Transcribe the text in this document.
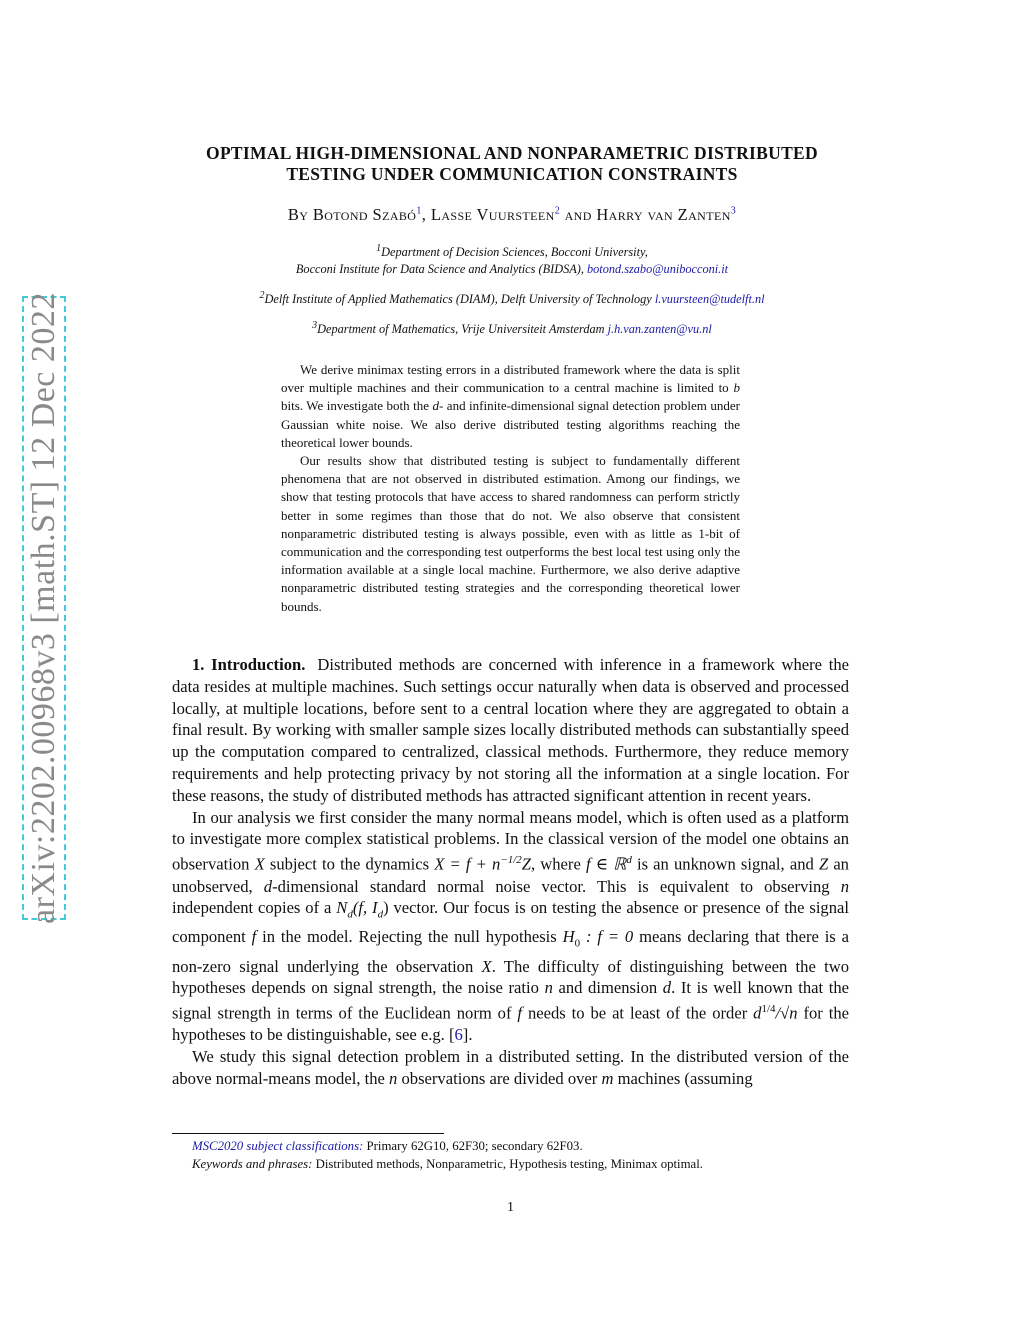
arXiv:2202.00968v3 [math.ST] 12 Dec 2022
OPTIMAL HIGH-DIMENSIONAL AND NONPARAMETRIC DISTRIBUTED
TESTING UNDER COMMUNICATION CONSTRAINTS
By Botond Szabó$^1$, Lasse Vuursteen$^2$ and Harry van Zanten$^3$
$^1$Department of Decision Sciences, Bocconi University,
Bocconi Institute for Data Science and Analytics (BIDSA), botond.szabo@unibocconi.it
$^2$Delft Institute of Applied Mathematics (DIAM), Delft University of Technology l.vuursteen@tudelft.nl
$^3$Department of Mathematics, Vrije Universiteit Amsterdam j.h.van.zanten@vu.nl

We derive minimax testing errors in a distributed framework where the data is split over multiple machines and their communication to a central machine is limited to b bits. We investigate both the d- and infinite-dimensional signal detection problem under Gaussian white noise. We also derive distributed testing algorithms reaching the theoretical lower bounds.

Our results show that distributed testing is subject to fundamentally different phenomena that are not observed in distributed estimation. Among our findings, we show that testing protocols that have access to shared randomness can perform strictly better in some regimes than those that do not. We also observe that consistent nonparametric distributed testing is always possible, even with as little as 1-bit of communication and the corresponding test outperforms the best local test using only the information available at a single local machine. Furthermore, we also derive adaptive nonparametric distributed testing strategies and the corresponding theoretical lower bounds.

1. Introduction. Distributed methods are concerned with inference in a framework where the data resides at multiple machines. Such settings occur naturally when data is observed and processed locally, at multiple locations, before sent to a central location where they are aggregated to obtain a final result. By working with smaller sample sizes locally distributed methods can substantially speed up the computation compared to centralized, classical methods. Furthermore, they reduce memory requirements and help protecting privacy by not storing all the information at a single location. For these reasons, the study of distributed methods has attracted significant attention in recent years.

In our analysis we first consider the many normal means model, which is often used as a platform to investigate more complex statistical problems. In the classical version of the model one obtains an observation X subject to the dynamics $X = f + n^{-1/2}Z$, where f ∈ ℝ$^d$ is an unknown signal, and Z an unobserved, d-dimensional standard normal noise vector. This is equivalent to observing n independent copies of a $N_d(f$, $I_d$) vector. Our focus is on testing the absence or presence of the signal component f in the model. Rejecting the null hypothesis $H_0$ : f = 0 means declaring that there is a non-zero signal underlying the observation X. The difficulty of distinguishing between the two hypotheses depends on signal strength, the noise ratio n and dimension d. It is well known that the signal strength in terms of the Euclidean norm of f needs to be at least of the order $d^{1/4}/√n$ for the hypotheses to be distinguishable, see e.g. [6].

We study this signal detection problem in a distributed setting. In the distributed version of the above normal-means model, the n observations are divided over m machines (assuming

MSC2020 subject classifications: Primary 62G10, 62F30; secondary 62F03.

Keywords and phrases: Distributed methods, Nonparametric, Hypothesis testing, Minimax optimal.

1
